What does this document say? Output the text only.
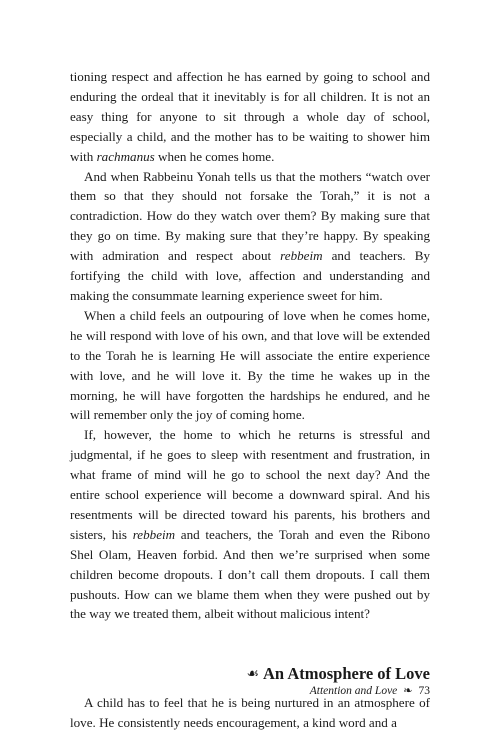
tioning respect and affection he has earned by going to school and enduring the ordeal that it inevitably is for all children. It is not an easy thing for anyone to sit through a whole day of school, especially a child, and the mother has to be waiting to shower him with rachmanus when he comes home.

And when Rabbeinu Yonah tells us that the mothers “watch over them so that they should not forsake the Torah,” it is not a contradiction. How do they watch over them? By making sure that they go on time. By making sure that they’re happy. By speaking with admiration and respect about rebbeim and teachers. By fortifying the child with love, affection and understanding and making the consummate learning experience sweet for him.

When a child feels an outpouring of love when he comes home, he will respond with love of his own, and that love will be extended to the Torah he is learning He will associate the entire experience with love, and he will love it. By the time he wakes up in the morning, he will have forgotten the hardships he endured, and he will remember only the joy of coming home.

If, however, the home to which he returns is stressful and judgmental, if he goes to sleep with resentment and frustration, in what frame of mind will he go to school the next day? And the entire school experience will become a downward spiral. And his resentments will be directed toward his parents, his brothers and sisters, his rebbeim and teachers, the Torah and even the Ribono Shel Olam, Heaven forbid. And then we’re surprised when some children become dropouts. I don’t call them dropouts. I call them pushouts. How can we blame them when they were pushed out by the way we treated them, albeit without malicious intent?

☙ An Atmosphere of Love

A child has to feel that he is being nurtured in an atmosphere of love. He consistently needs encouragement, a kind word and a

Attention and Love ❧ 73
